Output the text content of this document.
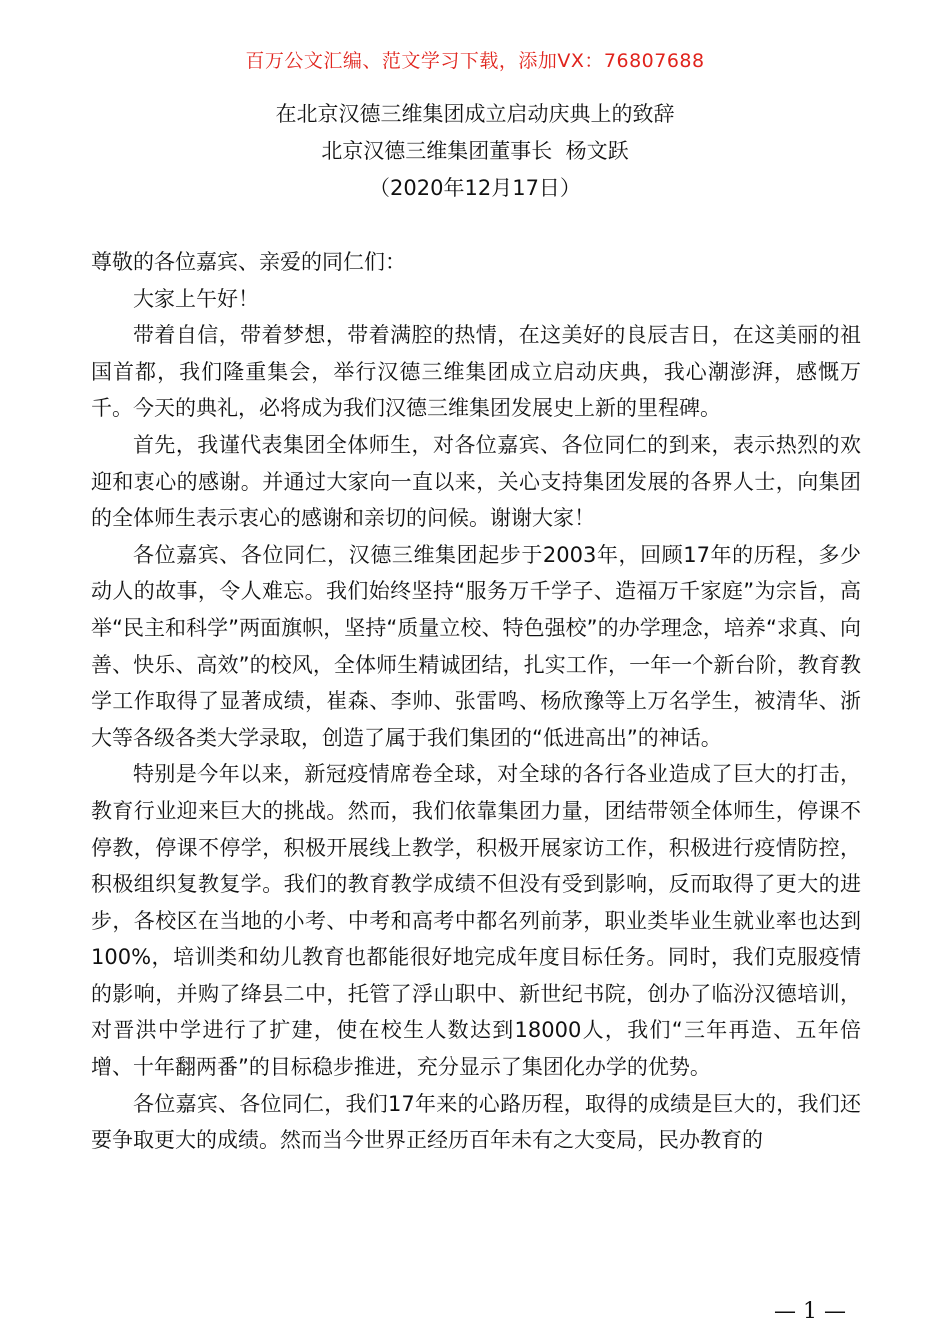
百万公文汇编、范文学习下载，添加VX：76807688
在北京汉德三维集团成立启动庆典上的致辞
北京汉德三维集团董事长  杨文跃
（2020年12月17日）

尊敬的各位嘉宾、亲爱的同仁们：

大家上午好！

带着自信，带着梦想，带着满腔的热情，在这美好的良辰吉日，在这美丽的祖国首都，我们隆重集会，举行汉德三维集团成立启动庆典，我心潮澎湃，感慨万千。今天的典礼，必将成为我们汉德三维集团发展史上新的里程碑。

首先，我谨代表集团全体师生，对各位嘉宾、各位同仁的到来，表示热烈的欢迎和衷心的感谢。并通过大家向一直以来，关心支持集团发展的各界人士，向集团的全体师生表示衷心的感谢和亲切的问候。谢谢大家！

各位嘉宾、各位同仁，汉德三维集团起步于2003年，回顾17年的历程，多少动人的故事，令人难忘。我们始终坚持“服务万千学子、造福万千家庭”为宗旨，高举“民主和科学”两面旗帜，坚持“质量立校、特色强校”的办学理念，培养“求真、向善、快乐、高效”的校风，全体师生精诚团结，扎实工作，一年一个新台阶，教育教学工作取得了显著成绩，崔森、李帅、张雷鸣、杨欣豫等上万名学生，被清华、浙大等各级各类大学录取，创造了属于我们集团的“低进高出”的神话。

特别是今年以来，新冠疫情席卷全球，对全球的各行各业造成了巨大的打击，教育行业迎来巨大的挑战。然而，我们依靠集团力量，团结带领全体师生，停课不停教，停课不停学，积极开展线上教学，积极开展家访工作，积极进行疫情防控，积极组织复教复学。我们的教育教学成绩不但没有受到影响，反而取得了更大的进步，各校区在当地的小考、中考和高考中都名列前茅，职业类毕业生就业率也达到100%，培训类和幼儿教育也都能很好地完成年度目标任务。同时，我们克服疫情的影响，并购了绛县二中，托管了浮山职中、新世纪书院，创办了临汾汉德培训，对晋洪中学进行了扩建，使在校生人数达到18000人，我们“三年再造、五年倍增、十年翻两番”的目标稳步推进，充分显示了集团化办学的优势。

各位嘉宾、各位同仁，我们17年来的心路历程，取得的成绩是巨大的，我们还要争取更大的成绩。然而当今世界正经历百年未有之大变局，民办教育的

— 1 —
